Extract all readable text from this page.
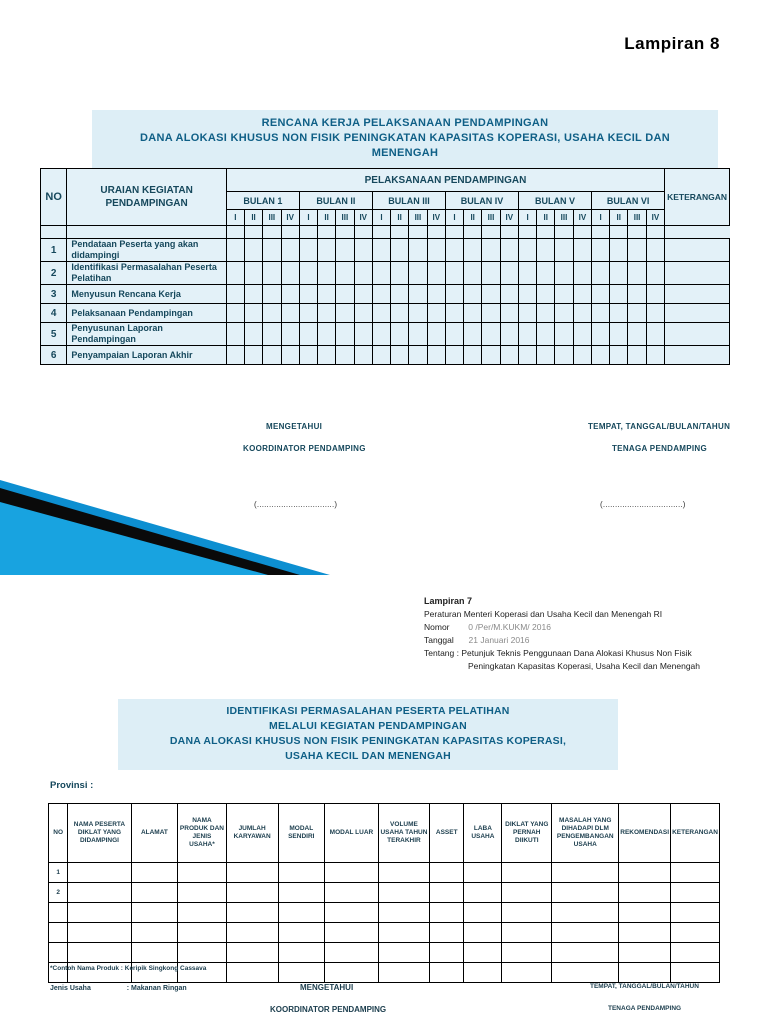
Lampiran 8
RENCANA KERJA PELAKSANAAN PENDAMPINGAN
DANA ALOKASI KHUSUS NON FISIK PENINGKATAN KAPASITAS KOPERASI, USAHA KECIL DAN
MENENGAH
NO	URAIAN KEGIATAN PENDAMPINGAN	PELAKSANAAN PENDAMPINGAN																								KETERANGAN
		BULAN 1				BULAN II				BULAN III				BULAN IV				BULAN V				BULAN VI				
		I	II	III	IV	I	II	III	IV	I	II	III	IV	I	II	III	IV	I	II	III	IV	I	II	III	IV	

1	Pendataan Peserta yang akan didampingi																									
2	Identifikasi Permasalahan Peserta Pelatihan																									
3	Menyusun Rencana Kerja																									
4	Pelaksanaan Pendampingan																									
5	Penyusunan Laporan Pendampingan																									
6	Penyampaian Laporan Akhir																									
MENGETAHUI
KOORDINATOR PENDAMPING
TEMPAT, TANGGAL/BULAN/TAHUN
TENAGA PENDAMPING
(................................)	(.................................)
Lampiran 7
Peraturan Menteri Koperasi dan Usaha Kecil dan Menengah RI
Nomor 0 /Per/M.KUKM/ 2016
Tanggal 21 Januari 2016
Tentang : Petunjuk Teknis Penggunaan Dana Alokasi Khusus Non Fisik
Peningkatan Kapasitas Koperasi, Usaha Kecil dan Menengah
IDENTIFIKASI PERMASALAHAN PESERTA PELATIHAN
MELALUI KEGIATAN PENDAMPINGAN
DANA ALOKASI KHUSUS NON FISIK PENINGKATAN KAPASITAS KOPERASI,
USAHA KECIL DAN MENENGAH
Provinsi :
NO	NAMA PESERTA DIKLAT YANG DIDAMPINGI	ALAMAT	NAMA PRODUK DAN JENIS USAHA*	JUMLAH KARYAWAN	MODAL SENDIRI	MODAL LUAR	VOLUME USAHA TAHUN TERAKHIR	ASSET	LABA USAHA	DIKLAT YANG PERNAH DIIKUTI	MASALAH YANG DIHADAPI DLM PENGEMBANGAN USAHA	REKOMENDASI	KETERANGAN
1													
2													

*Contoh Nama Produk : Keripik Singkong Cassava
Jenis Usaha	: Makanan Ringan	MENGETAHUI
KOORDINATOR PENDAMPING
TEMPAT, TANGGAL/BULAN/TAHUN
TENAGA PENDAMPING
